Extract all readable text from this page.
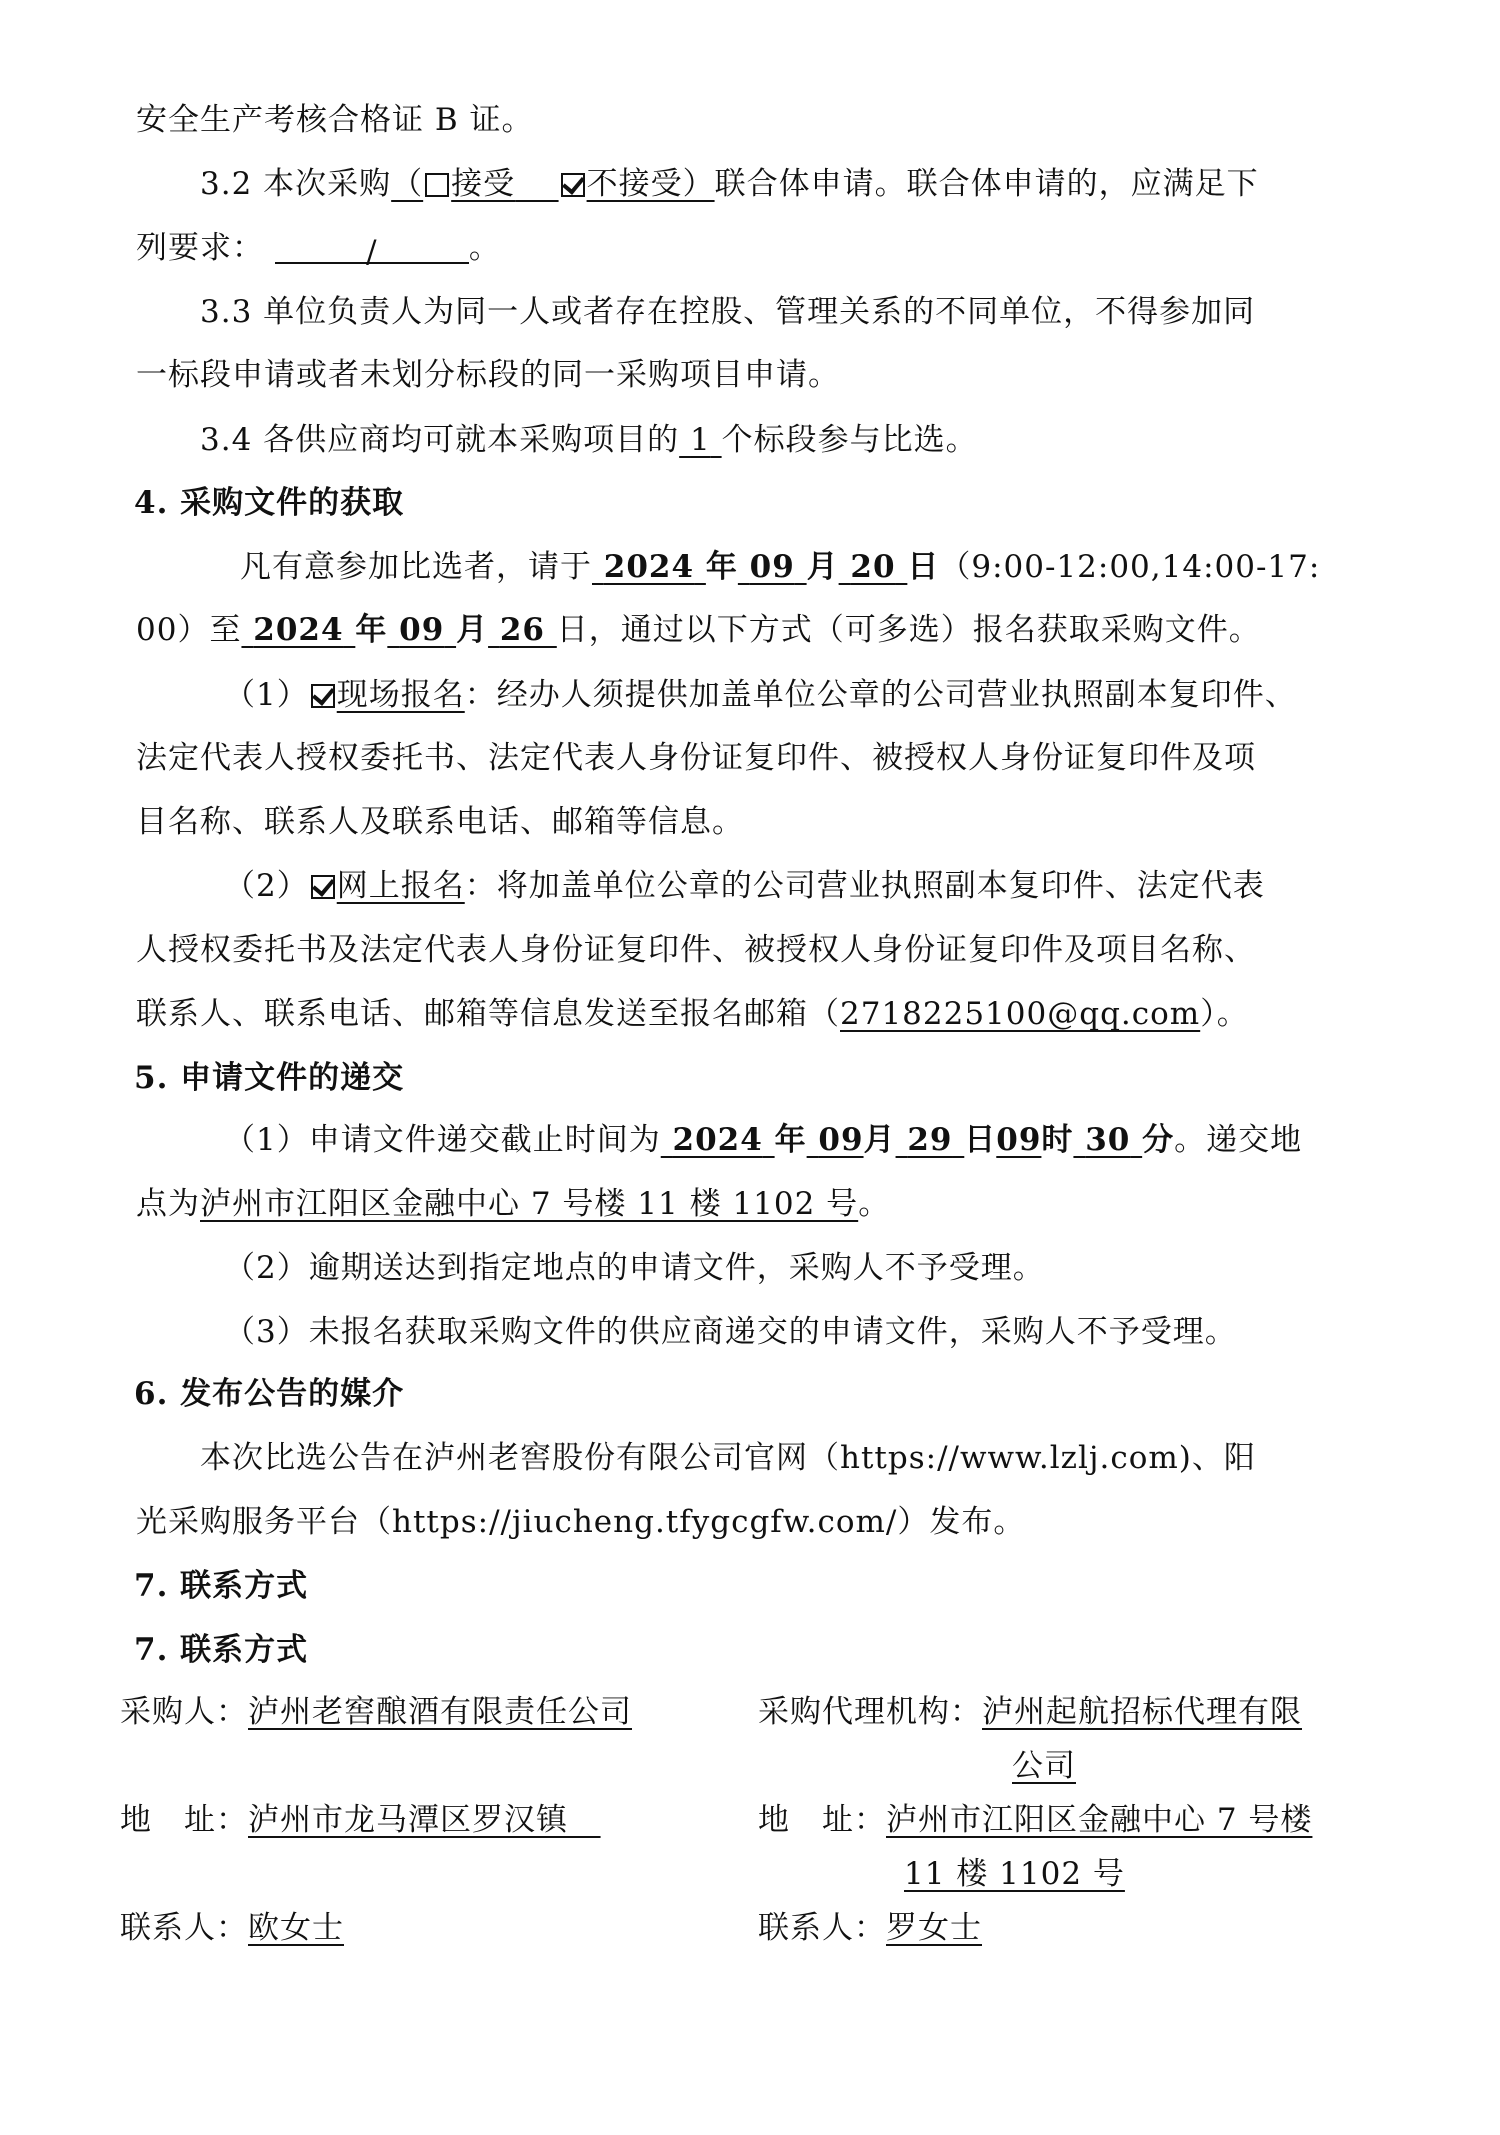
安全生产考核合格证 B 证。
3.2 本次采购（ 接受 不接受）联合体申请。联合体申请的，应满足下
列要求：	/	。
3.3 单位负责人为同一人或者存在控股、管理关系的不同单位，不得参加同
一标段申请或者未划分标段的同一采购项目申请。
3.4 各供应商均可就本采购项目的 1 个标段参与比选。
4. 采购文件的获取
凡有意参加比选者，请于 2024 年 09 月 20 日（9:00-12:00,14:00-17:
00）至 2024 年 09 月 26 日，通过以下方式（可多选）报名获取采购文件。
（1） 现场报名：经办人须提供加盖单位公章的公司营业执照副本复印件、
法定代表人授权委托书、法定代表人身份证复印件、被授权人身份证复印件及项
目名称、联系人及联系电话、邮箱等信息。
（2） 网上报名：将加盖单位公章的公司营业执照副本复印件、法定代表
人授权委托书及法定代表人身份证复印件、被授权人身份证复印件及项目名称、
联系人、联系电话、邮箱等信息发送至报名邮箱（2718225100@qq.com）。
5. 申请文件的递交
（1）申请文件递交截止时间为 2024 年 09月 29 日09时 30 分。递交地
点为泸州市江阳区金融中心 7 号楼 11 楼 1102 号。
（2）逾期送达到指定地点的申请文件，采购人不予受理。
（3）未报名获取采购文件的供应商递交的申请文件，采购人不予受理。
6. 发布公告的媒介
本次比选公告在泸州老窖股份有限公司官网（https://www.lzlj.com)、阳
光采购服务平台（https://jiucheng.tfygcgfw.com/）发布。
7. 联系方式
7. 联系方式
采购人：泸州老窖酿酒有限责任公司	采购代理机构：泸州起航招标代理有限
公司
地　址：泸州市龙马潭区罗汉镇	地　址：泸州市江阳区金融中心 7 号楼
11 楼 1102 号
联系人：欧女士	联系人：罗女士
